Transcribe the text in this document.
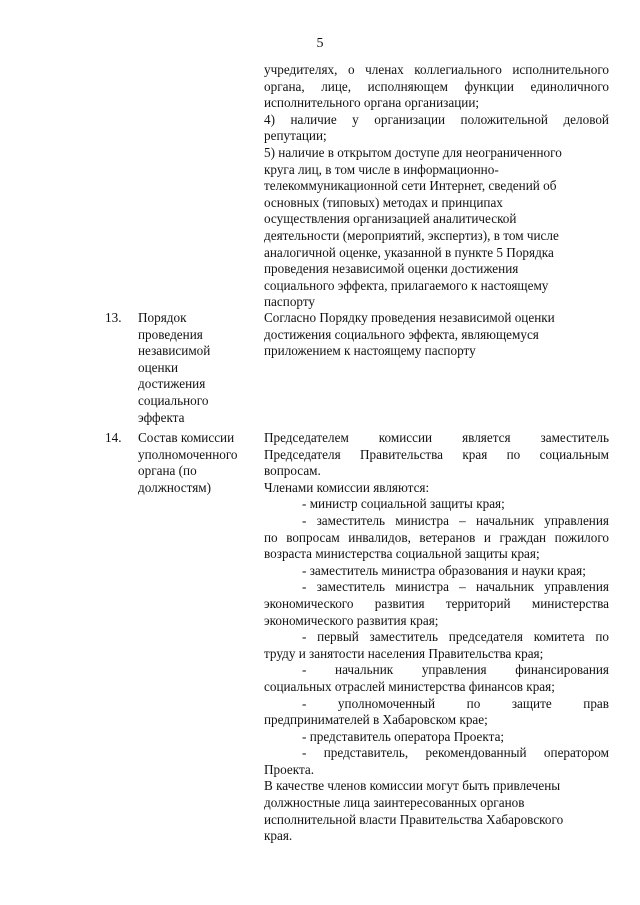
5

учредителях, о членах коллегиального исполнительного

органа, лице, исполняющем функции единоличного

исполнительного органа организации;

4) наличие у организации положительной деловой

репутации;

5) наличие в открытом доступе для неограниченного

круга лиц, в том числе в информационно-

телекоммуникационной сети Интернет, сведений об

основных (типовых) методах и принципах

осуществления организацией аналитической

деятельности (мероприятий, экспертиз), в том числе

аналогичной оценке, указанной в пункте 5 Порядка

проведения независимой оценки достижения

социального эффекта, прилагаемого к настоящему

паспорту

13. Порядок

проведения

независимой

оценки

достижения

социального

эффекта

Согласно Порядку проведения независимой оценки

достижения социального эффекта, являющемуся

приложением к настоящему паспорту

14. Состав комиссии

уполномоченного

органа (по

должностям)

Председателем комиссии является заместитель

Председателя Правительства края по социальным

вопросам.

Членами комиссии являются:

- министр социальной защиты края;

- заместитель министра – начальник управления

по вопросам инвалидов, ветеранов и граждан пожилого

возраста министерства социальной защиты края;

- заместитель министра образования и науки края;

- заместитель министра – начальник управления

экономического развития территорий министерства

экономического развития края;

- первый заместитель председателя комитета по

труду и занятости населения Правительства края;

- начальник управления финансирования

социальных отраслей министерства финансов края;

- уполномоченный по защите прав

предпринимателей в Хабаровском крае;

- представитель оператора Проекта;

- представитель, рекомендованный оператором

Проекта.

В качестве членов комиссии могут быть привлечены

должностные лица заинтересованных органов

исполнительной власти Правительства Хабаровского

края.
